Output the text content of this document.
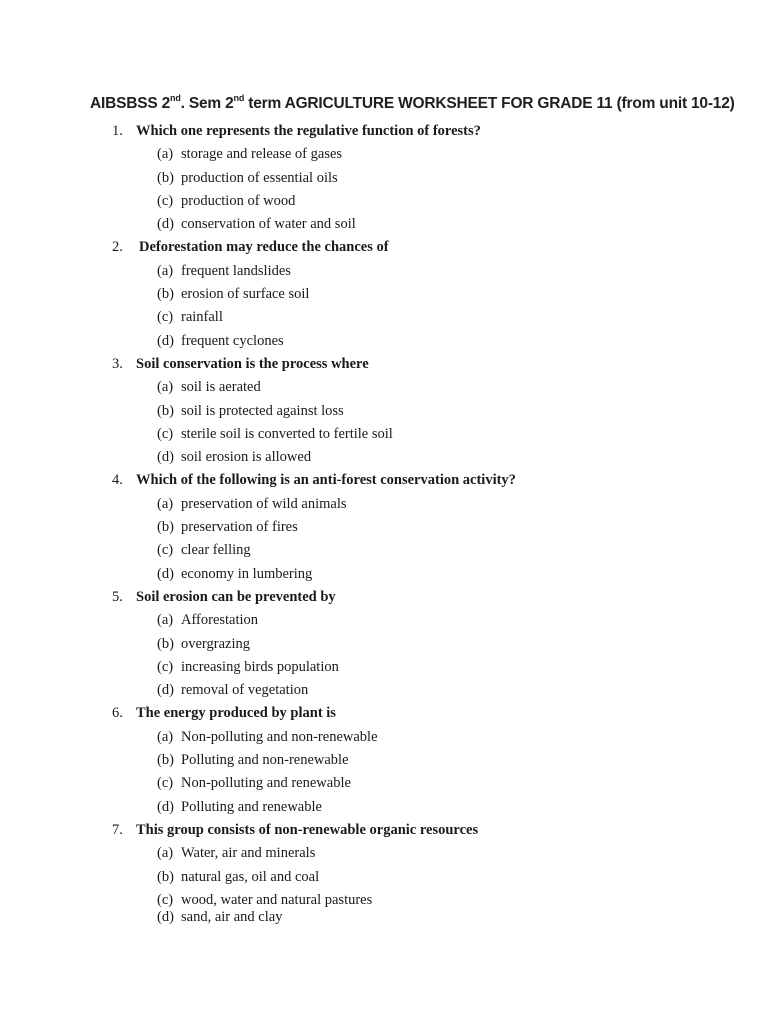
AIBSBSS 2nd. Sem 2nd term AGRICULTURE WORKSHEET FOR GRADE 11 (from unit 10-12)
1. Which one represents the regulative function of forests?
(a) storage and release of gases
(b) production of essential oils
(c) production of wood
(d) conservation of water and soil
2. Deforestation may reduce the chances of
(a) frequent landslides
(b) erosion of surface soil
(c) rainfall
(d) frequent cyclones
3. Soil conservation is the process where
(a) soil is aerated
(b) soil is protected against loss
(c) sterile soil is converted to fertile soil
(d) soil erosion is allowed
4. Which of the following is an anti-forest conservation activity?
(a) preservation of wild animals
(b) preservation of fires
(c) clear felling
(d) economy in lumbering
5. Soil erosion can be prevented by
(a) Afforestation
(b) overgrazing
(c) increasing birds population
(d) removal of vegetation
6. The energy produced by plant is
(a) Non-polluting and non-renewable
(b) Polluting and non-renewable
(c) Non-polluting and renewable
(d) Polluting and renewable
7. This group consists of non-renewable organic resources
(a) Water, air and minerals
(b) natural gas, oil and coal
(c) wood, water and natural pastures
(d) sand, air and clay
